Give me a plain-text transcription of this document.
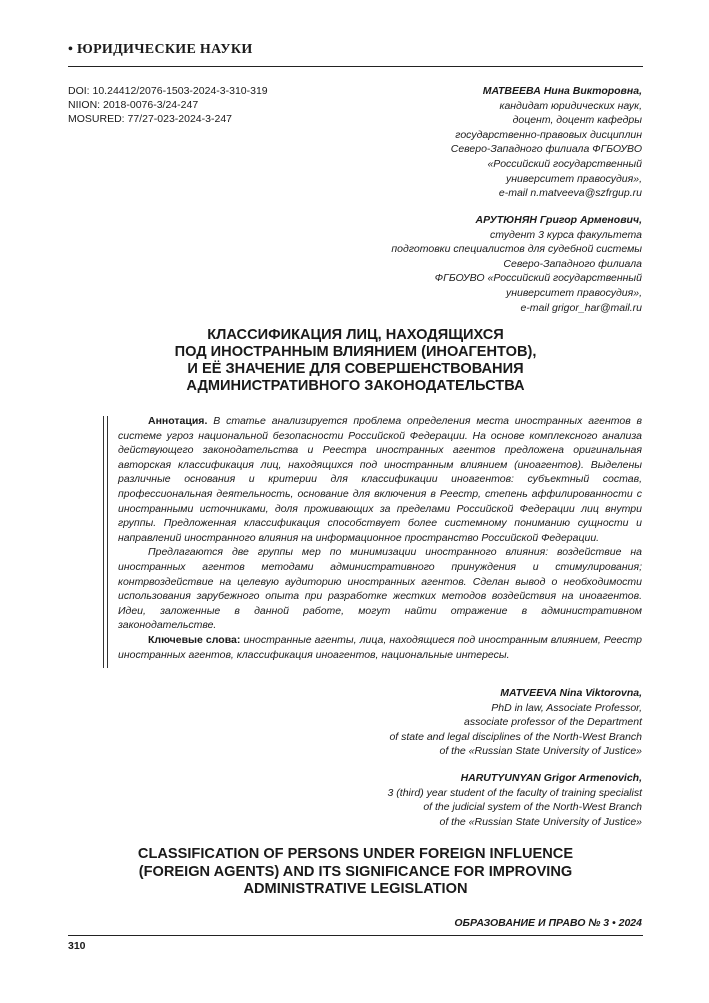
• ЮРИДИЧЕСКИЕ НАУКИ
DOI: 10.24412/2076-1503-2024-3-310-319
NIION: 2018-0076-3/24-247
MOSURED: 77/27-023-2024-3-247
МАТВЕЕВА Нина Викторовна,
кандидат юридических наук,
доцент, доцент кафедры
государственно-правовых дисциплин
Северо-Западного филиала ФГБОУВО
«Российский государственный
университет правосудия»,
e-mail n.matveeva@szfrgup.ru
АРУТЮНЯН Григор Арменович,
студент 3 курса факультета
подготовки специалистов для судебной системы
Северо-Западного филиала
ФГБОУВО «Российский государственный
университет правосудия»,
e-mail grigor_har@mail.ru
КЛАССИФИКАЦИЯ ЛИЦ, НАХОДЯЩИХСЯ
ПОД ИНОСТРАННЫМ ВЛИЯНИЕМ (ИНОАГЕНТОВ),
И ЕЁ ЗНАЧЕНИЕ ДЛЯ СОВЕРШЕНСТВОВАНИЯ
АДМИНИСТРАТИВНОГО ЗАКОНОДАТЕЛЬСТВА

Аннотация. В статье анализируется проблема определения места иностранных агентов в системе угроз национальной безопасности Российской Федерации. На основе комплексного анализа действующего законодательства и Реестра иностранных агентов предложена оригинальная авторская классификация лиц, находящихся под иностранным влиянием (иноагентов). Выделены различные основания и критерии для классификации иноагентов: субъектный состав, профессиональная деятельность, основание для включения в Реестр, степень аффилированности с иностранными источниками, доля проживающих за пределами Российской Федерации лиц внутри группы. Предложенная классификация способствует более системному пониманию сущности и направлений иностранного влияния на информационное пространство Российской Федерации.

Предлагаются две группы мер по минимизации иностранного влияния: воздействие на иностранных агентов методами административного принуждения и стимулирования; контрвоздействие на целевую аудиторию иностранных агентов. Сделан вывод о необходимости использования зарубежного опыта при разработке жестких методов воздействия на иноагентов. Идеи, заложенные в данной работе, могут найти отражение в административном законодательстве.

Ключевые слова: иностранные агенты, лица, находящиеся под иностранным влиянием, Реестр иностранных агентов, классификация иноагентов, национальные интересы.

MATVEEVA Nina Viktorovna,
PhD in law, Associate Professor,
associate professor of the Department
of state and legal disciplines of the North-West Branch
of the «Russian State University of Justice»
HARUTYUNYAN Grigor Armenovich,
3 (third) year student of the faculty of training specialist
of the judicial system of the North-West Branch
of the «Russian State University of Justice»
CLASSIFICATION OF PERSONS UNDER FOREIGN INFLUENCE
(FOREIGN AGENTS) AND ITS SIGNIFICANCE FOR IMPROVING
ADMINISTRATIVE LEGISLATION
ОБРАЗОВАНИЕ И ПРАВО № 3 • 2024
310
